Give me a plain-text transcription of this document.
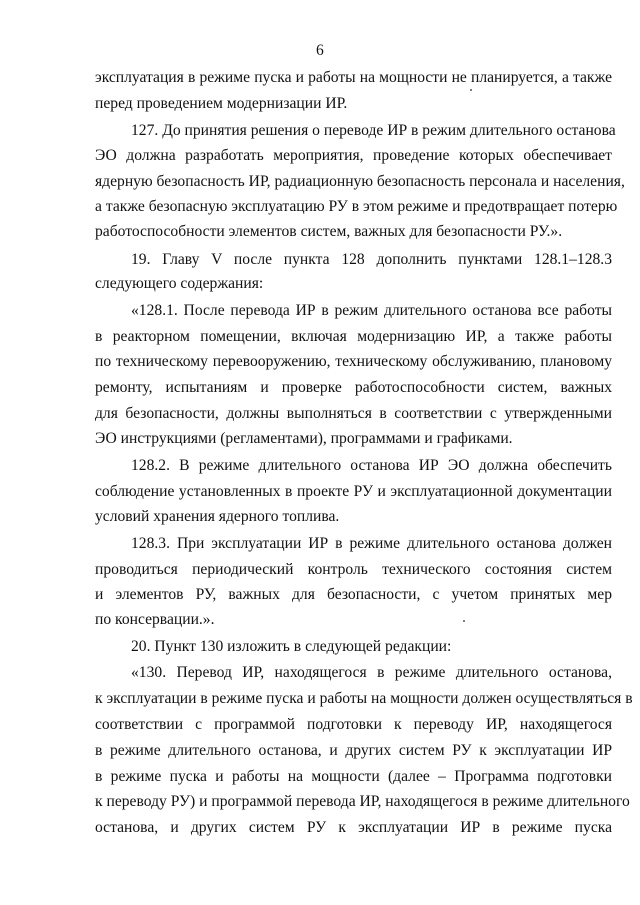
6
эксплуатация в режиме пуска и работы на мощности не планируется, а также
перед проведением модернизации ИР.
127. До принятия решения о переводе ИР в режим длительного останова
ЭО должна разработать мероприятия, проведение которых обеспечивает
ядерную безопасность ИР, радиационную безопасность персонала и населения,
а также безопасную эксплуатацию РУ в этом режиме и предотвращает потерю
работоспособности элементов систем, важных для безопасности РУ.».
19. Главу V после пункта 128 дополнить пунктами 128.1–128.3
следующего содержания:
«128.1. После перевода ИР в режим длительного останова все работы
в реакторном помещении, включая модернизацию ИР, а также работы
по техническому перевооружению, техническому обслуживанию, плановому
ремонту, испытаниям и проверке работоспособности систем, важных
для безопасности, должны выполняться в соответствии с утвержденными
ЭО инструкциями (регламентами), программами и графиками.
128.2. В режиме длительного останова ИР ЭО должна обеспечить
соблюдение установленных в проекте РУ и эксплуатационной документации
условий хранения ядерного топлива.
128.3. При эксплуатации ИР в режиме длительного останова должен
проводиться периодический контроль технического состояния систем
и элементов РУ, важных для безопасности, с учетом принятых мер
по консервации.».
20. Пункт 130 изложить в следующей редакции:
«130. Перевод ИР, находящегося в режиме длительного останова,
к эксплуатации в режиме пуска и работы на мощности должен осуществляться в
соответствии с программой подготовки к переводу ИР, находящегося
в режиме длительного останова, и других систем РУ к эксплуатации ИР
в режиме пуска и работы на мощности (далее – Программа подготовки
к переводу РУ) и программой перевода ИР, находящегося в режиме длительного
останова, и других систем РУ к эксплуатации ИР в режиме пуска
